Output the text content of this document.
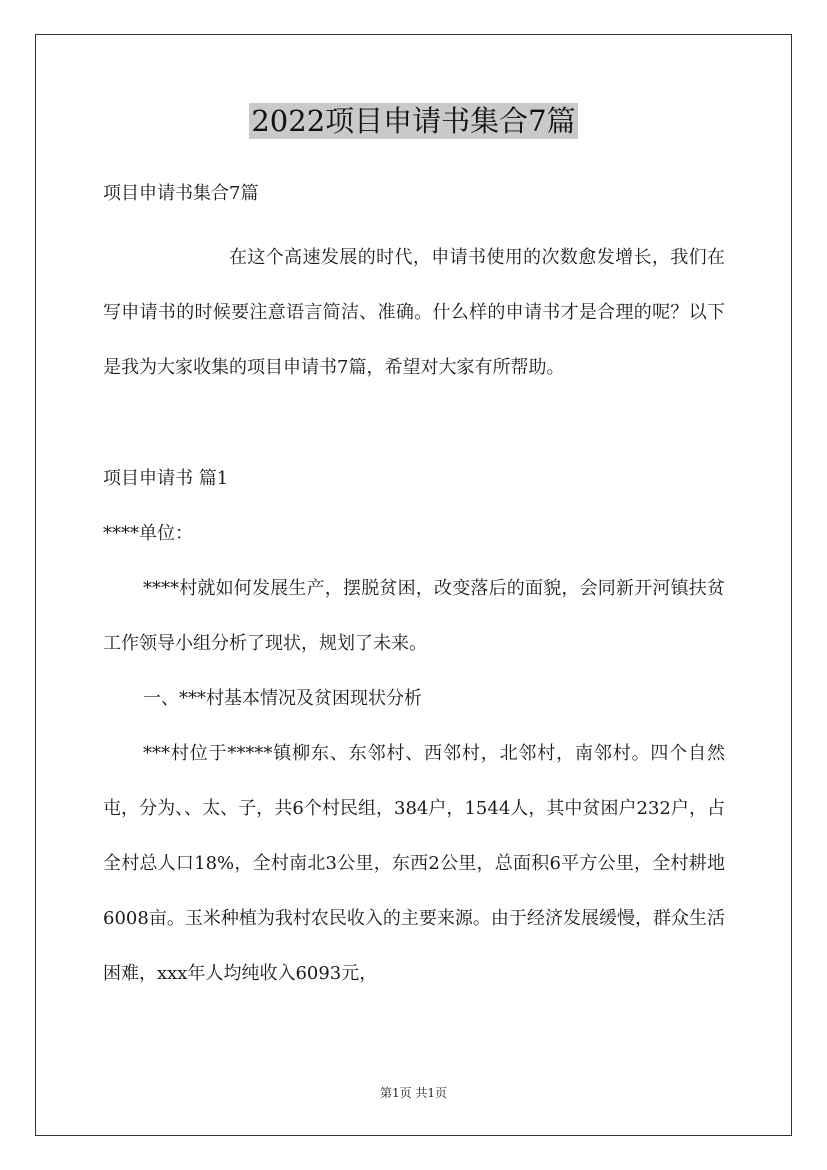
2022项目申请书集合7篇

项目申请书集合7篇

在这个高速发展的时代，申请书使用的次数愈发增长，我们在写申请书的时候要注意语言简洁、准确。什么样的申请书才是合理的呢？以下是我为大家收集的项目申请书7篇，希望对大家有所帮助。

项目申请书 篇1

****单位：

****村就如何发展生产，摆脱贫困，改变落后的面貌，会同新开河镇扶贫工作领导小组分析了现状，规划了未来。

一、***村基本情况及贫困现状分析

***村位于*****镇柳东、东邻村、西邻村，北邻村，南邻村。四个自然屯，分为、、太、子，共6个村民组，384户，1544人，其中贫困户232户，占全村总人口18%，全村南北3公里，东西2公里，总面积6平方公里，全村耕地6008亩。玉米种植为我村农民收入的主要来源。由于经济发展缓慢，群众生活困难，xxx年人均纯收入6093元，

第1页 共1页
